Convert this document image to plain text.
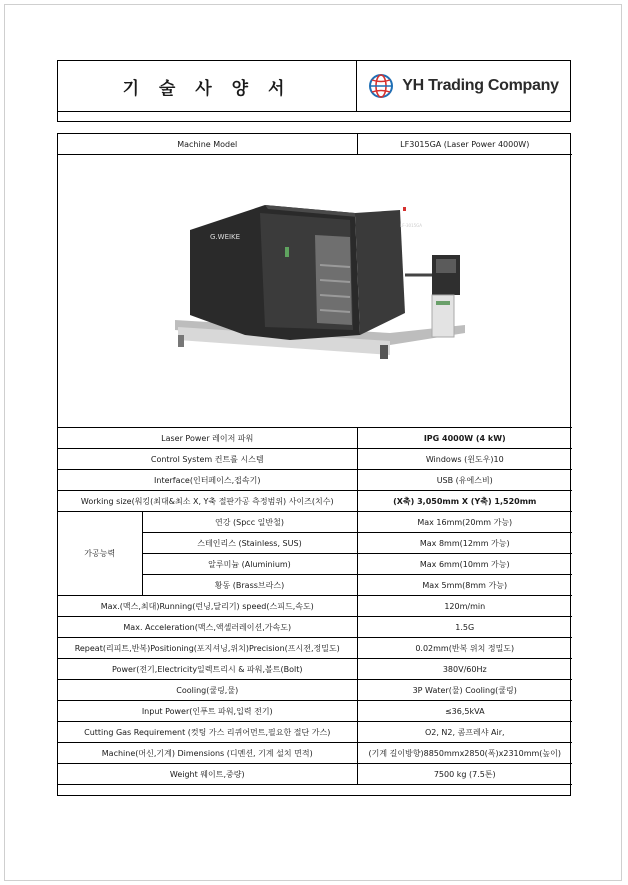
기 술 사 양 서	YH Trading Company
Machine Model		LF3015GA (Laser Power 4000W)

G.WEIKE
LF-3015GA		

Laser Power 레이저 파워		IPG 4000W (4 kW)
Control System 컨트롤 시스템		Windows (윈도우)10
Interface(인터페이스,접속기)		USB (유에스비)
Working size(워킹(최대&최소 X, Y축 절판가공 측정범위) 사이즈(치수)		(X축) 3,050mm X (Y축) 1,520mm
가공능력	연강 (Spcc 일반철)	Max 16mm(20mm 가능)
	스테인리스 (Stainless, SUS)	Max 8mm(12mm 가능)
	알루미늄 (Aluminium)	Max 6mm(10mm 가능)
	황동 (Brass브라스)	Max 5mm(8mm 가능)
Max.(맥스,최대)Running(런닝,달리기) speed(스피드,속도)		120m/min
Max. Acceleration(맥스,액셀러레이션,가속도)		1.5G
Repeat(리피트,반복)Positioning(포지셔닝,위치)Precision(프시젼,정밀도)		0.02mm(반복 위치 정밀도)
Power(전기,Electricity일렉트리시 & 파워,볼트(Bolt)		380V/60Hz
Cooling(쿨링,물)		3P Water(물) Cooling(쿨링)
Input Power(인푸트 파워,입력 전기)		≤36,5kVA
Cutting Gas Requirement (컷팅 가스 리퀴어먼트,필요한 절단 가스)		O2, N2, 콤프레샤 Air,
Machine(머신,기계) Dimensions (디멘션, 기계 설치 면적)		(기계 길이방향)8850mmx2850(폭)x2310mm(높이)
Weight 웨이트,중량)		7500 kg (7.5톤)
